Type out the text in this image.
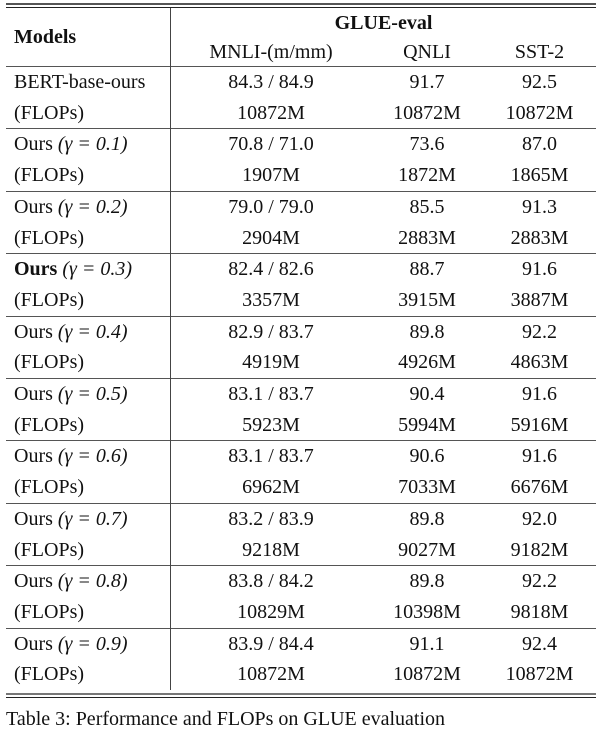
Models	GLUE-eval		
	MNLI-(m/mm)	QNLI	SST-2
BERT-base-ours	84.3 / 84.9	91.7	92.5
(FLOPs)	10872M	10872M	10872M
Ours (γ = 0.1)	70.8 / 71.0	73.6	87.0
(FLOPs)	1907M	1872M	1865M
Ours (γ = 0.2)	79.0 / 79.0	85.5	91.3
(FLOPs)	2904M	2883M	2883M
Ours (γ = 0.3)	82.4 / 82.6	88.7	91.6
(FLOPs)	3357M	3915M	3887M
Ours (γ = 0.4)	82.9 / 83.7	89.8	92.2
(FLOPs)	4919M	4926M	4863M
Ours (γ = 0.5)	83.1 / 83.7	90.4	91.6
(FLOPs)	5923M	5994M	5916M
Ours (γ = 0.6)	83.1 / 83.7	90.6	91.6
(FLOPs)	6962M	7033M	6676M
Ours (γ = 0.7)	83.2 / 83.9	89.8	92.0
(FLOPs)	9218M	9027M	9182M
Ours (γ = 0.8)	83.8 / 84.2	89.8	92.2
(FLOPs)	10829M	10398M	9818M
Ours (γ = 0.9)	83.9 / 84.4	91.1	92.4
(FLOPs)	10872M	10872M	10872M
Table 3: Performance and FLOPs on GLUE evaluation
